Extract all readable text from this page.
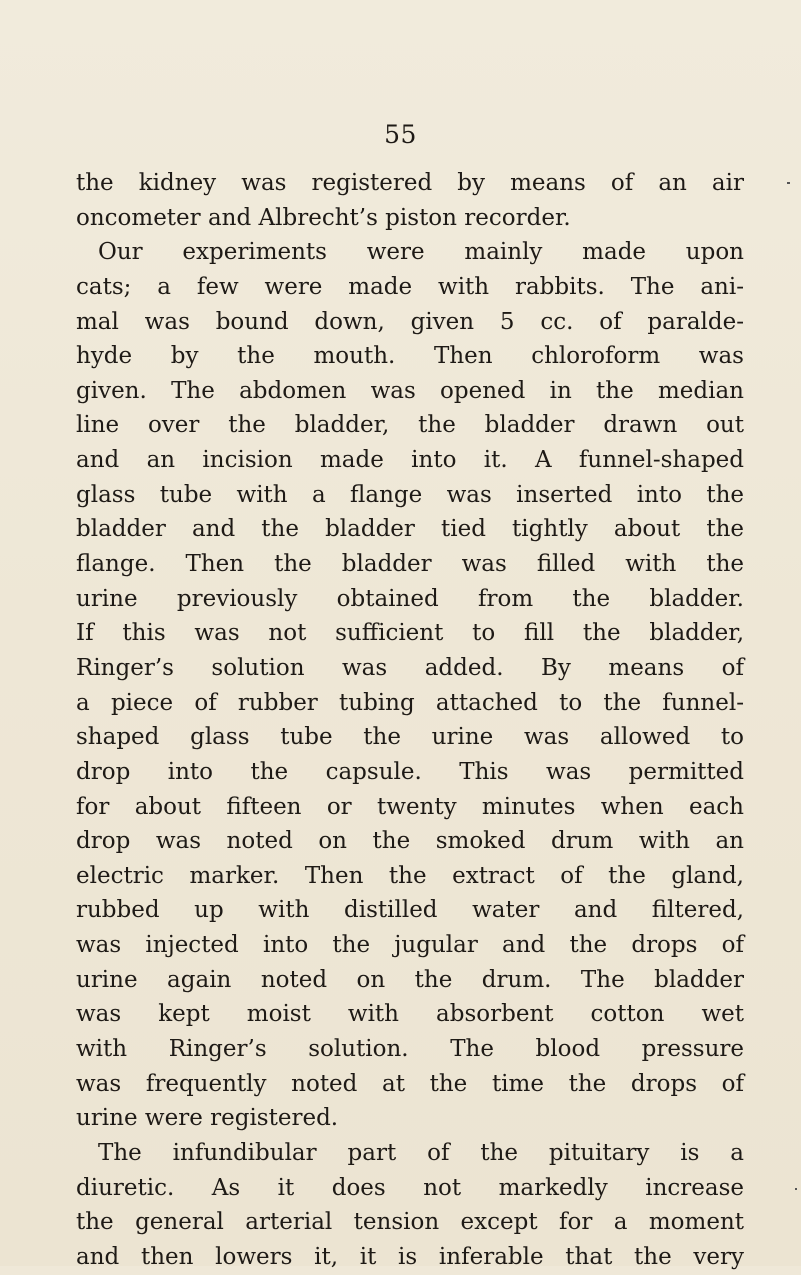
55

the kidney was registered by means of an air
oncometer and Albrecht’s piston recorder.
Our experiments were mainly made upon
cats; a few were made with rabbits. The ani-
mal was bound down, given 5 cc. of paralde-
hyde by the mouth. Then chloroform was
given. The abdomen was opened in the median
line over the bladder, the bladder drawn out
and an incision made into it. A funnel-shaped
glass tube with a flange was inserted into the
bladder and the bladder tied tightly about the
flange. Then the bladder was filled with the
urine previously obtained from the bladder.
If this was not sufficient to fill the bladder,
Ringer’s solution was added. By means of
a piece of rubber tubing attached to the funnel-
shaped glass tube the urine was allowed to
drop into the capsule. This was permitted
for about fifteen or twenty minutes when each
drop was noted on the smoked drum with an
electric marker. Then the extract of the gland,
rubbed up with distilled water and filtered,
was injected into the jugular and the drops of
urine again noted on the drum. The bladder
was kept moist with absorbent cotton wet
with Ringer’s solution. The blood pressure
was frequently noted at the time the drops of
urine were registered.
The infundibular part of the pituitary is a
diuretic. As it does not markedly increase
the general arterial tension except for a moment
and then lowers it, it is inferable that the very
